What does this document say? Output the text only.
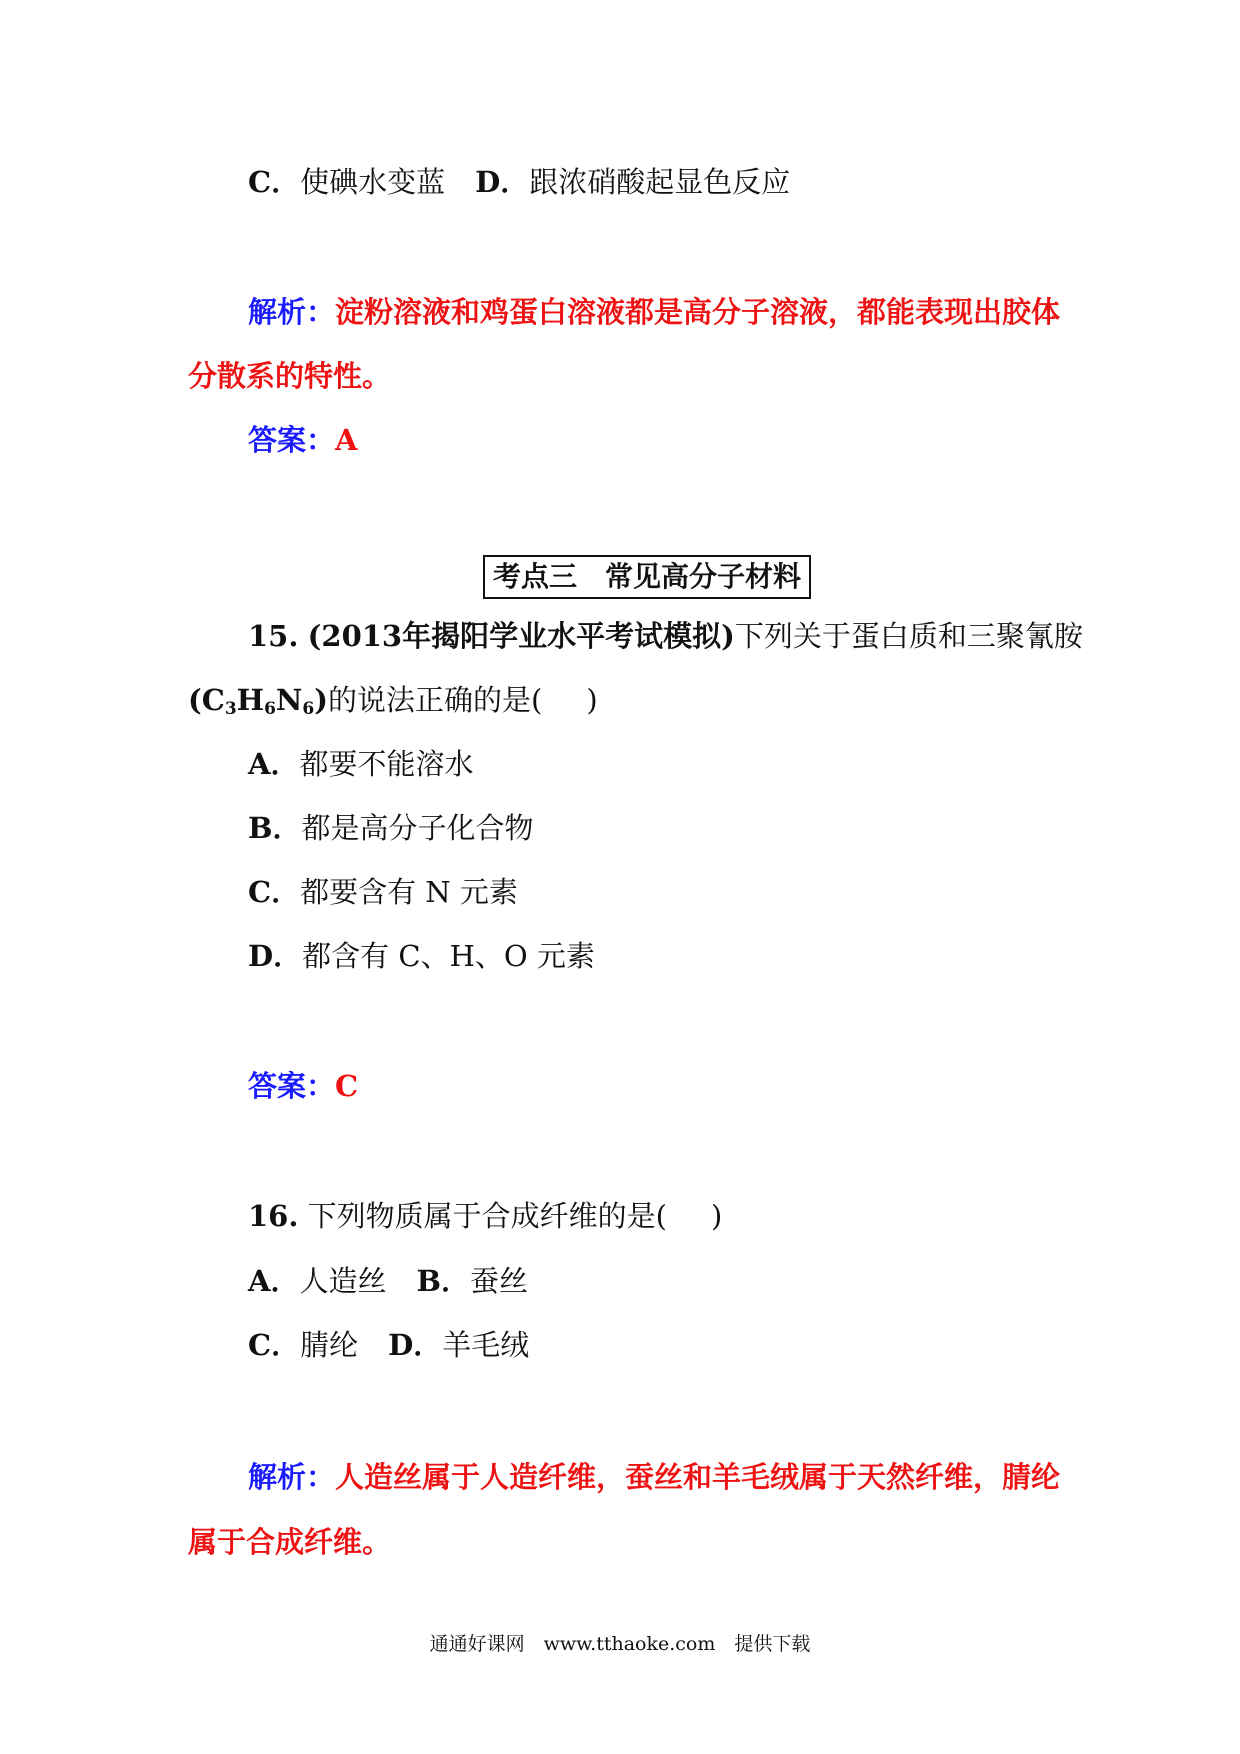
C．使碘水变蓝 D．跟浓硝酸起显色反应
解析：淀粉溶液和鸡蛋白溶液都是高分子溶液，都能表现出胶体
分散系的特性。
答案：A
考点三　常见高分子材料
15. (2013年揭阳学业水平考试模拟)下列关于蛋白质和三聚氰胺
$(C_3H_6N_6)$的说法正确的是( )
A．都要不能溶水
B．都是高分子化合物
C．都要含有 N 元素
D．都含有 C、H、O 元素
答案：C
16. 下列物质属于合成纤维的是( )
A．人造丝 B．蚕丝
C．腈纶 D．羊毛绒
解析：人造丝属于人造纤维，蚕丝和羊毛绒属于天然纤维，腈纶
属于合成纤维。
通通好课网　www.tthaoke.com　提供下载
